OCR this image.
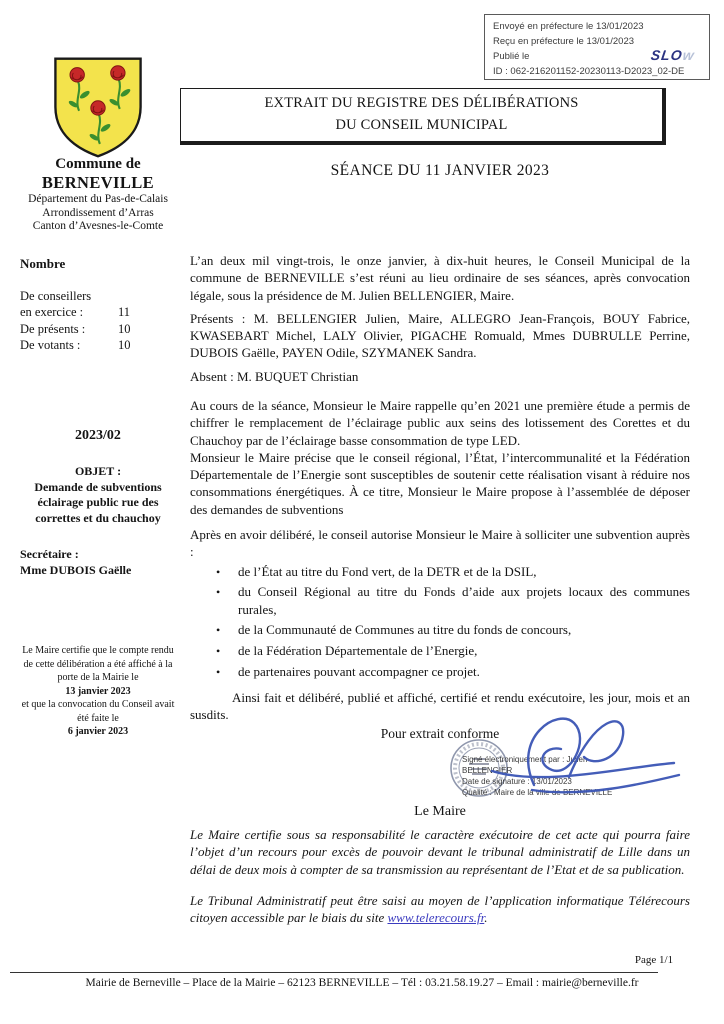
Envoyé en préfecture le 13/01/2023
Reçu en préfecture le 13/01/2023
Publié le
ID : 062-216201152-20230113-D2023_02-DE
SLOw
EXTRAIT DU REGISTRE DES DÉLIBÉRATIONS
DU CONSEIL MUNICIPAL
SÉANCE DU 11 JANVIER 2023
Commune de
BERNEVILLE
Département du Pas-de-Calais
Arrondissement d’Arras
Canton d’Avesnes-le-Comte
Nombre
De conseillers
en exercice :	11
De présents :	10
De votants :	10
2023/02
OBJET :
Demande de subventions éclairage public rue des correttes et du chauchoy
Secrétaire :
Mme DUBOIS Gaëlle
Le Maire certifie que le compte rendu de cette délibération a été affiché à la porte de la Mairie le
13 janvier 2023
et que la convocation du Conseil avait été faite le
6 janvier 2023

L’an deux mil vingt-trois, le onze janvier, à dix-huit heures, le Conseil Municipal de la commune de BERNEVILLE s’est réuni au lieu ordinaire de ses séances, après convocation légale, sous la présidence de M. Julien BELLENGIER, Maire.

Présents : M. BELLENGIER Julien, Maire, ALLEGRO Jean-François, BOUY Fabrice, KWASEBART Michel, LALY Olivier, PIGACHE Romuald, Mmes DUBRULLE Perrine, DUBOIS Gaëlle, PAYEN Odile, SZYMANEK Sandra.

Absent : M. BUQUET Christian

Au cours de la séance, Monsieur le Maire rappelle qu’en 2021 une première étude a permis de chiffrer le remplacement de l’éclairage public aux seins des lotissement des Corettes et du Chauchoy par de l’éclairage basse consommation de type LED.

Monsieur le Maire précise que le conseil régional, l’État, l’intercommunalité et la Fédération Départementale de l’Energie sont susceptibles de soutenir cette réalisation visant à réduire nos consommations énergétiques. À ce titre, Monsieur le Maire propose à l’assemblée de déposer des demandes de subventions

Après en avoir délibéré, le conseil autorise Monsieur le Maire à solliciter une subvention auprès :

•
de l’État au titre du Fond vert, de la DETR et de la DSIL,
•
du Conseil Régional au titre du Fonds d’aide aux projets locaux des communes rurales,
•
de la Communauté de Communes au titre du fonds de concours,
•
de la Fédération Départementale de l’Energie,
•
de partenaires pouvant accompagner ce projet.

Ainsi fait et délibéré, publié et affiché, certifié et rendu exécutoire, les jour, mois et an susdits.

Pour extrait conforme
Signé électroniquement par : Julien
BELLENGIER
Date de signature : 13/01/2023
Qualité : Maire de la ville de BERNEVILLE
Le Maire

Le Maire certifie sous sa responsabilité le caractère exécutoire de cet acte qui pourra faire l’objet d’un recours pour excès de pouvoir devant le tribunal administratif de Lille dans un délai de deux mois à compter de sa transmission au représentant de l’Etat et de sa publication.

Le Tribunal Administratif peut être saisi au moyen de l’application informatique Télérecours citoyen accessible par le biais du site www.telerecours.fr.

Page 1/1
Mairie de Berneville – Place de la Mairie – 62123 BERNEVILLE – Tél : 03.21.58.19.27 – Email : mairie@berneville.fr
